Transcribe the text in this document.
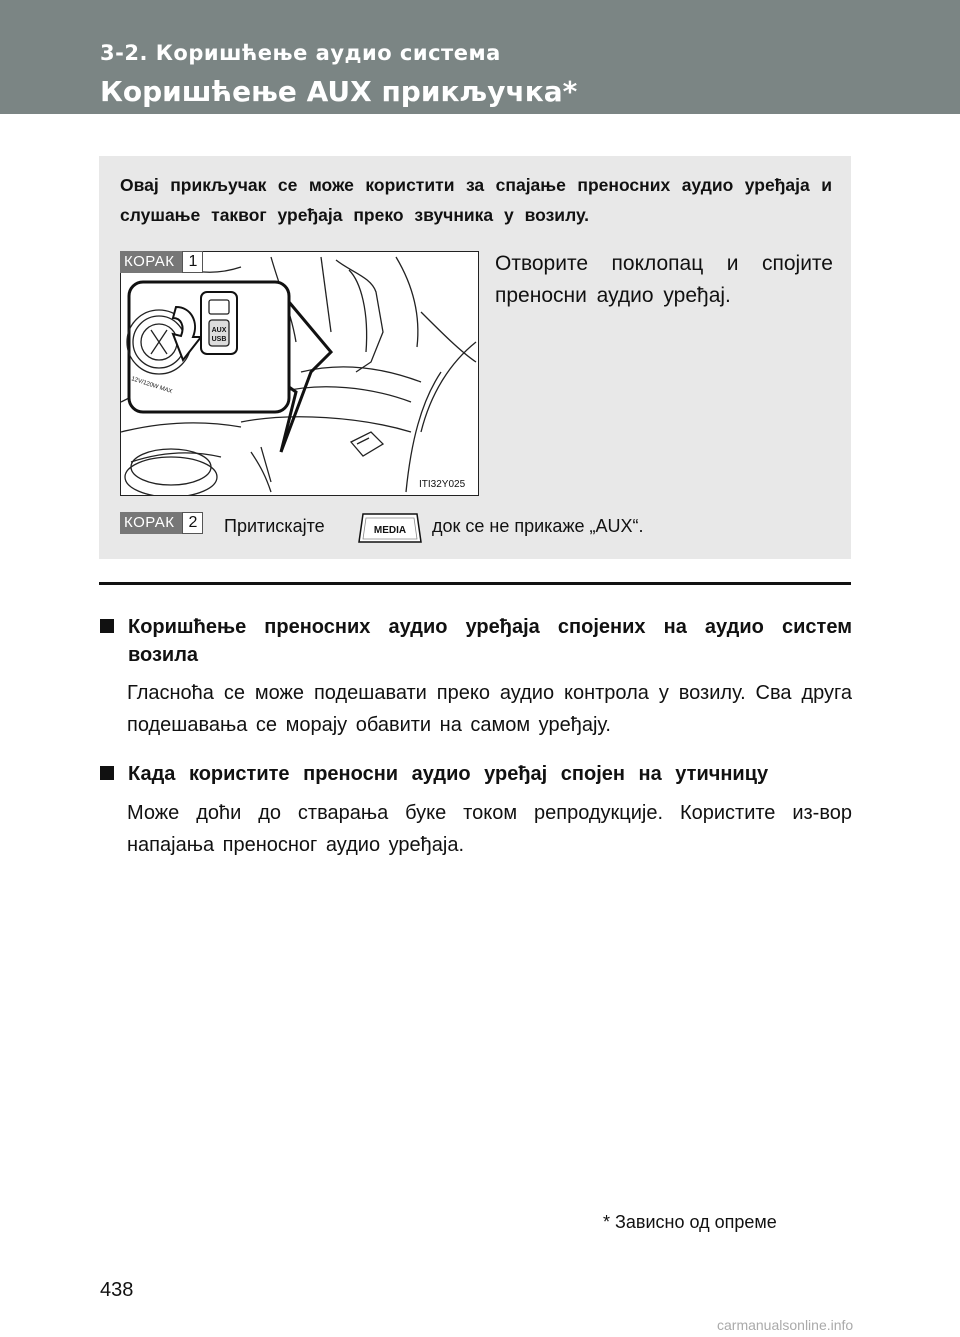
3-2. Коришћење аудио система
Коришћење AUX прикључка*
Овај прикључак се може користити за спајање преносних аудио уређаја и слушање таквог уређаја преко звучника у возилу.
КОРАК 1
AUX
USB
12V/120W MAX
ITI32Y025
Отворите поклопац и спојите преносни аудио уређај.
КОРАК 2	Притискајте	MEDIA док се не прикаже „AUX“.
Коришћење преносних аудио уређаја спојених на аудио систем возила
Гласноћа се може подешавати преко аудио контрола у возилу. Сва друга подешавања се морају обавити на самом уређају.
Када користите преносни аудио уређај спојен на утичницу
Може доћи до стварања буке током репродукције. Користите из-вор напајања преносног аудио уређаја.
* Зависно од опреме
438
carmanualsonline.info
